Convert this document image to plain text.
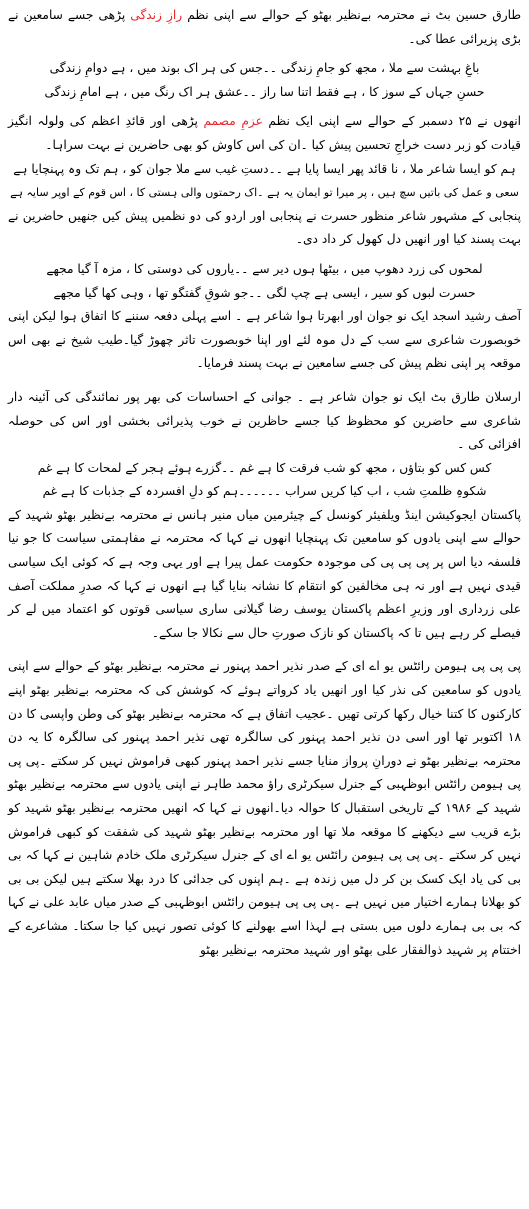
طارق حسین بٹ نے محترمہ بےنظیر بھٹو کے حوالے سے اپنی نظم رازِ زندگی پڑھی جسے سامعین نے بڑی پزیرائی عطا کی۔

باغِ بہشت سے ملا ، مجھ کو جامِ زندگی ۔۔جس کی ہر اک بوند میں ، ہے دوامِ زندگی

حسنِ جہاں کے سوز کا ، ہے فقط اتنا سا راز ۔۔عشق ہر اک رنگ میں ، ہے امامِ زندگی

انھوں نے ۲۵ دسمبر کے حوالے سے اپنی ایک نظم عزمِ مصمم پڑھی اور قائدِ اعظم کی ولولہ انگیز قیادت کو زبر دست خراجِ تحسین پیش کیا ۔ان کی اس کاوش کو بھی حاضرین نے بہت سراہا۔

ہم کو ایسا شاعر ملا ، نا قائد پھر ایسا پایا ہے ۔۔دستِ غیب سے ملا جوان کو ، ہم تک وہ پہنچایا ہے

سعی و عمل کی باتیں سچ ہیں ، پر میرا تو ایمان یہ ہے ۔اک رحمتوں والی ہستی کا ، اس قوم کے اوپر سایہ ہے

پنجابی کے مشہور شاعر منظور حسرت نے پنجابی اور اردو کی دو نظمیں پیش کیں جنھیں حاضرین نے بہت پسند کیا اور انھیں دل کھول کر داد دی۔

لمحوں کی زرد دھوپ میں ، بیٹھا ہوں دیر سے ۔۔یاروں کی دوستی کا ، مزہ آ گیا مجھے

حسرت لبوں کو سیر ، ایسی ہے چپ لگی ۔۔جو شوقِ گفتگو تھا ، وہی کھا گیا مجھے

آصف رشید اسجد ایک نو جوان اور ابھرتا ہوا شاعر ہے ۔ اسے پہلی دفعہ سننے کا اتفاق ہوا لیکن اپنی خوبصورت شاعری سے سب کے دل موہ لئے اور اپنا خوبصورت تاثر چھوڑ گیا۔طیب شیخ نے بھی اس موقعہ پر اپنی نظم پیش کی جسے سامعین نے بہت پسند فرمایا۔

ارسلان طارق بٹ ایک نو جوان شاعر ہے ۔ جوانی کے احساسات کی بھر پور نمائندگی کی آئینہ دار شاعری سے حاضرین کو محظوظ کیا جسے حاظرین نے خوب پذیرائی بخشی اور اس کی حوصلہ افزائی کی ۔

کس کس کو بتاؤں ، مجھ کو شب فرقت کا ہے غم ۔۔گزرے ہوئے ہجر کے لمحات کا ہے غم

شکوہِ ظلمتِ شب ، اب کیا کریں سراب ۔۔۔۔۔۔ہم کو دلِ افسردہ کے جذبات کا ہے غم

پاکستان ایجوکیشن اینڈ ویلفیئر کونسل کے چیئرمین میاں منیر ہانس نے محترمہ بےنظیر بھٹو شہید کے حوالے سے اپنی یادوں کو سامعین تک پہنچایا انھوں نے کہا کہ محترمہ نے مفاہمتی سیاست کا جو نیا فلسفہ دیا اس پر پی پی پی کی موجودہ حکومت عمل پیرا ہے اور یہی وجہ ہے کہ کوئی ایک سیاسی قیدی نہیں ہے اور نہ ہی مخالفین کو انتقام کا نشانہ بنایا گیا ہے انھوں نے کہا کہ صدرِ مملکت آصف علی زرداری اور وزیرِ اعظم پاکستان یوسف رضا گیلانی ساری سیاسی قوتوں کو اعتماد میں لے کر فیصلے کر رہے ہیں تا کہ پاکستان کو نازک صورتِ حال سے نکالا جا سکے۔

پی پی پی ہیومن رائٹس یو اے ای کے صدر نذیر احمد پہنور نے محترمہ بےنظیر بھٹو کے حوالے سے اپنی یادوں کو سامعین کی نذر کیا اور انھیں یاد کرواتے ہوئے کہ کوشش کی کہ محترمہ بےنظیر بھٹو اپنے کارکنوں کا کتنا خیال رکھا کرتی تھیں ۔عجیب اتفاق ہے کہ محترمہ بےنظیر بھٹو کی وطن واپسی کا دن ۱۸ اکتوبر تھا اور اسی دن نذیر احمد پہنور کی سالگرہ تھی نذیر احمد پہنور کی سالگرہ کا یہ دن محترمہ بےنظیر بھٹو نے دورانِ پرواز منایا جسے نذیر احمد پہنور کبھی فراموش نہیں کر سکتے ۔پی پی پی ہیومن رائٹس ابوظہبی کے جنرل سیکرٹری راؤ محمد طاہر نے اپنی یادوں سے محترمہ بےنظیر بھٹو شہید کے ۱۹۸۶ کے تاریخی استقبال کا حوالہ دیا۔انھوں نے کہا کہ انھیں محترمہ بےنظیر بھٹو شہید کو بڑے قریب سے دیکھنے کا موقعہ ملا تھا اور محترمہ بےنظیر بھٹو شہید کی شفقت کو کبھی فراموش نہیں کر سکتے ۔پی پی پی ہیومن رائٹس یو اے ای کے جنرل سیکرٹری ملک خادم شاہین نے کہا کہ بی بی کی یاد ایک کسک بن کر دل میں زندہ ہے ۔ہم اپنوں کی جدائی کا درد بھلا سکتے ہیں لیکن بی بی کو بھلانا ہمارے اختیار میں نہیں ہے ۔پی پی پی ہیومن رائٹس ابوظہبی کے صدر میاں عابد علی نے کہا کہ بی بی ہمارے دلوں میں بستی ہے لہذا اسے بھولنے کا کوئی تصور نہیں کیا جا سکتا۔ مشاعرے کے اختتام پر شہید ذوالفقار علی بھٹو اور شہید محترمہ بےنظیر بھٹو
